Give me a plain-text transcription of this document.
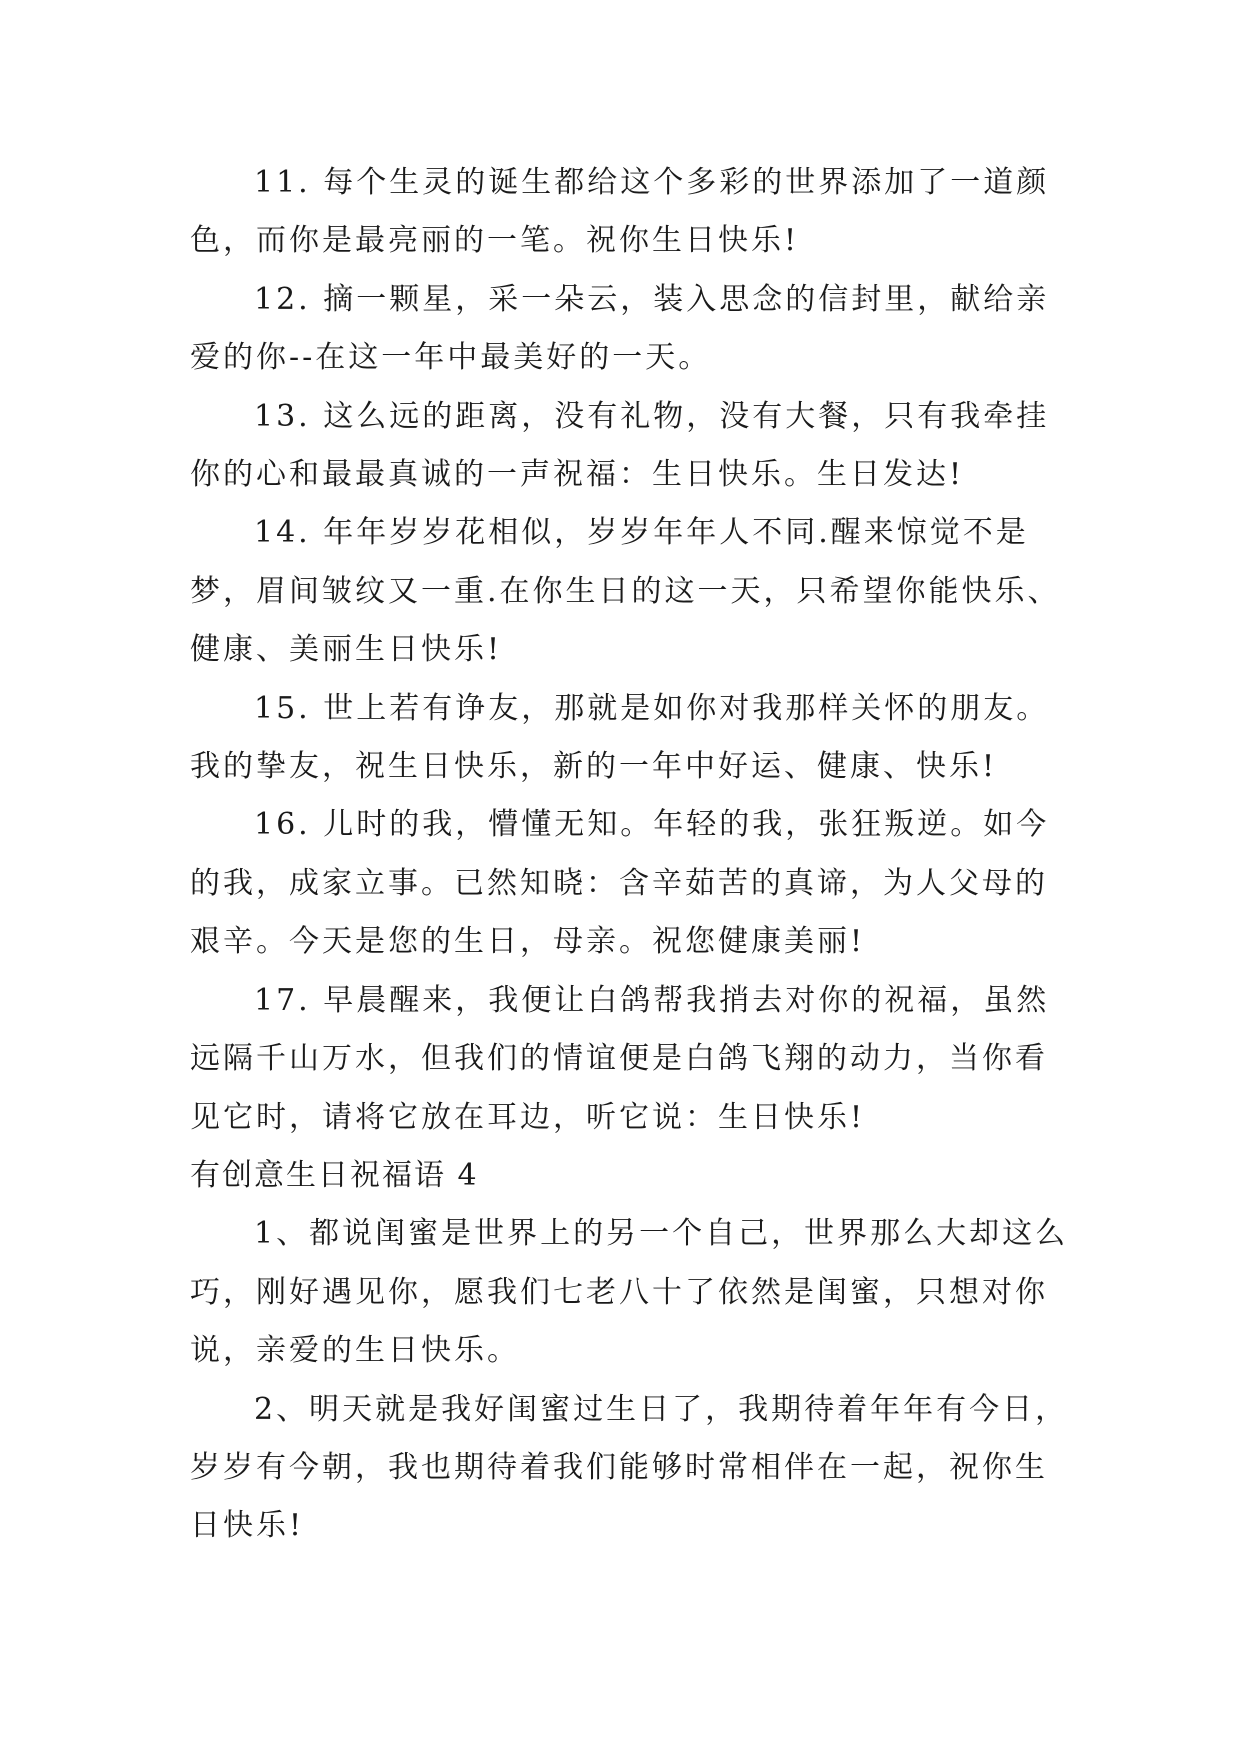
11. 每个生灵的诞生都给这个多彩的世界添加了一道颜色，而你是最亮丽的一笔。祝你生日快乐!

12. 摘一颗星，采一朵云，装入思念的信封里，献给亲爱的你--在这一年中最美好的一天。

13. 这么远的距离，没有礼物，没有大餐，只有我牵挂你的心和最最真诚的一声祝福：生日快乐。生日发达!

14. 年年岁岁花相似，岁岁年年人不同.醒来惊觉不是梦，眉间皱纹又一重.在你生日的这一天，只希望你能快乐、健康、美丽生日快乐!

15. 世上若有诤友，那就是如你对我那样关怀的朋友。我的挚友，祝生日快乐，新的一年中好运、健康、快乐!

16. 儿时的我，懵懂无知。年轻的我，张狂叛逆。如今的我，成家立事。已然知晓：含辛茹苦的真谛，为人父母的艰辛。今天是您的生日，母亲。祝您健康美丽!

17. 早晨醒来，我便让白鸽帮我捎去对你的祝福，虽然远隔千山万水，但我们的情谊便是白鸽飞翔的动力，当你看见它时，请将它放在耳边，听它说：生日快乐!

有创意生日祝福语 4

1、都说闺蜜是世界上的另一个自己，世界那么大却这么巧，刚好遇见你，愿我们七老八十了依然是闺蜜，只想对你说，亲爱的生日快乐。

2、明天就是我好闺蜜过生日了，我期待着年年有今日，岁岁有今朝，我也期待着我们能够时常相伴在一起，祝你生日快乐!
